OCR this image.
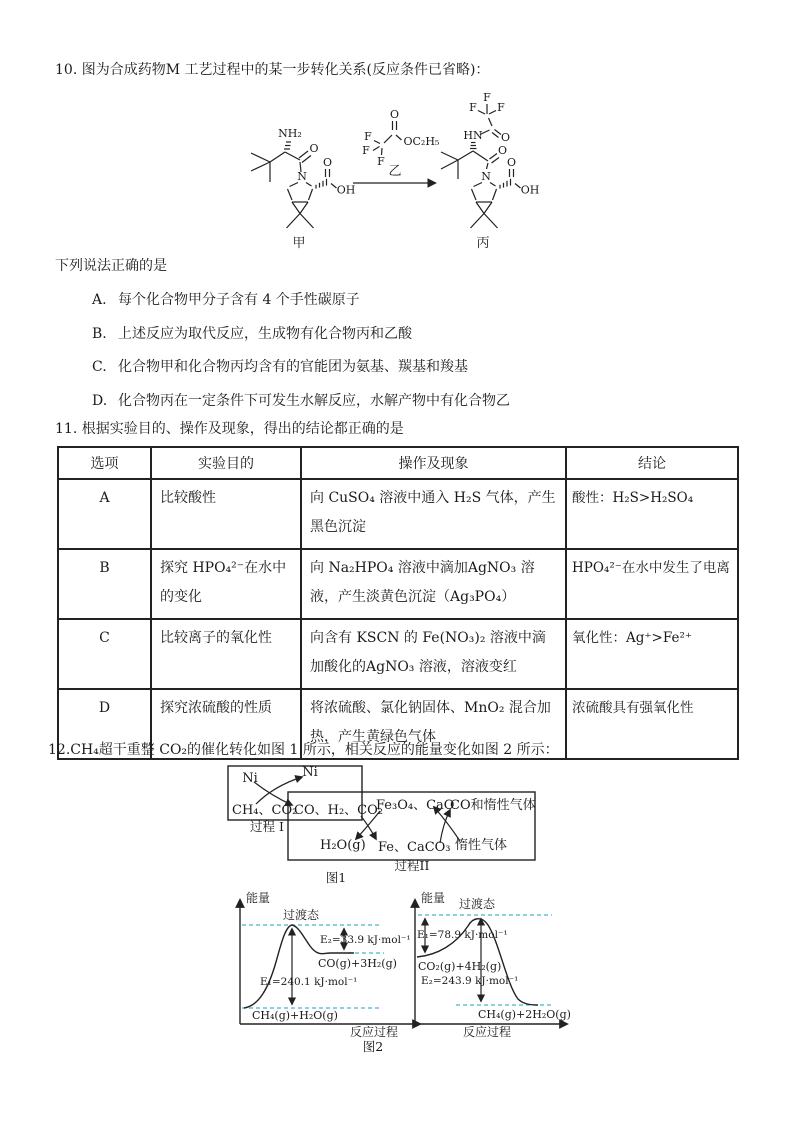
10. 图为合成药物M 工艺过程中的某一步转化关系(反应条件已省略)：
NH₂
O
N
O
OH
甲
F
F
F
O
OC₂H₅
乙
F
F F
O
HN
O
N
O
OH
丙
下列说法正确的是
A. 每个化合物甲分子含有 4 个手性碳原子
B. 上述反应为取代反应，生成物有化合物丙和乙酸
C. 化合物甲和化合物丙均含有的官能团为氨基、羰基和羧基
D. 化合物丙在一定条件下可发生水解反应，水解产物中有化合物乙
11. 根据实验目的、操作及现象，得出的结论都正确的是
选项	实验目的	操作及现象	结论
A	比较酸性	向 CuSO₄ 溶液中通入 H₂S 气体，产生黑色沉淀	酸性：H₂S>H₂SO₄
B	探究 HPO₄²⁻在水中的变化	向 Na₂HPO₄ 溶液中滴加AgNO₃ 溶液，产生淡黄色沉淀（Ag₃PO₄）	HPO₄²⁻在水中发生了电离
C	比较离子的氧化性	向含有 KSCN 的 Fe(NO₃)₂ 溶液中滴加酸化的AgNO₃ 溶液，溶液变红	氧化性：Ag⁺>Fe²⁺
D	探究浓硫酸的性质	将浓硫酸、氯化钠固体、MnO₂ 混合加热，产生黄绿色气体	浓硫酸具有强氧化性
12.CH₄超干重整 CO₂的催化转化如图 1 所示，相关反应的能量变化如图 2 所示：
Ni	Ni
CH₄、CO₂
CO、H₂、CO₂
Fe₃O₄、CaO
CO和惰性气体
H₂O(g) Fe、CaCO₃ 惰性气体
过程 I
过程II
图1
能量
过渡态
E₂=33.9 kJ·mol⁻¹
CO(g)+3H₂(g)
E₁=240.1 kJ·mol⁻¹
CH₄(g)+H₂O(g)
反应过程
能量 过渡态
E₁=78.9 kJ·mol⁻¹
CO₂(g)+4H₂(g)
E₂=243.9 kJ·mol⁻¹
CH₄(g)+2H₂O(g)
反应过程
图2
